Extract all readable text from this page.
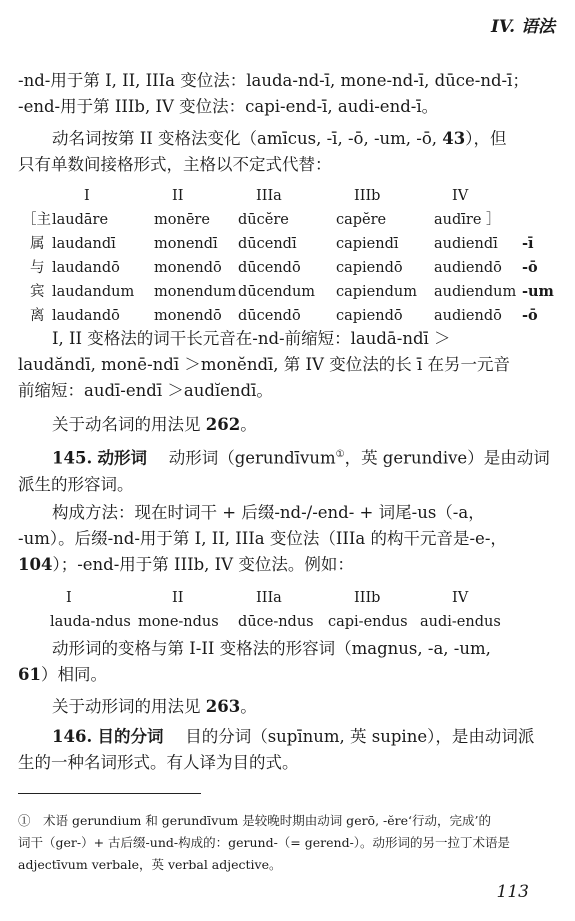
IV. 语法

-nd-用于第 I, II, IIIa 变位法：lauda-nd-ī, mone-nd-ī, dūce-nd-ī；

-end-用于第 IIIb, IV 变位法：capi-end-ī, audi-end-ī。

动名词按第 II 变格法变化（amīcus, -ī, -ō, -um, -ō, 43），但

只有单数间接格形式，主格以不定式代替：

I	II	IIIa	IIIb	IV
［主 laudāre	monēre dūcĕre	capĕre	audīre ］
属 laudandī	monendī dūcendī	capiendī audiendī -ī
与 laudandō monendō dūcendō capiendō audiendō -ō
宾 laudandum monendum dūcendum capiendum audiendum -um
离 laudandō monendō dūcendō capiendō audiendō -ō

I, II 变格法的词干长元音在-nd-前缩短：laudā-ndī ＞

laudăndī, monē-ndī ＞monĕndī, 第 IV 变位法的长 ī 在另一元音

前缩短：audī-endī ＞audĭendī。

关于动名词的用法见 262。

145. 动形词　 动形词（gerundīvum①，英 gerundive）是由动词

派生的形容词。

构成方法：现在时词干 + 后缀-nd-/-end- + 词尾-us（-a，

-um）。后缀-nd-用于第 I, II, IIIa 变位法（IIIa 的构干元音是-e-，

104）；-end-用于第 IIIb, IV 变位法。例如：

I	II	IIIa	IIIb	IV
lauda-ndus mone-ndus dūce-ndus capi-endus audi-endus

动形词的变格与第 I-II 变格法的形容词（magnus, -a, -um,

61）相同。

关于动形词的用法见 263。

146. 目的分词　 目的分词（supīnum, 英 supine），是由动词派

生的一种名词形式。有人译为目的式。

①　术语 gerundium 和 gerundīvum 是较晚时期由动词 gerō, -ĕre‘行动，完成’的

词干（ger-）+ 古后缀-und-构成的：gerund-（= gerend-）。动形词的另一拉丁术语是

adjectīvum verbale，英 verbal adjective。

113
